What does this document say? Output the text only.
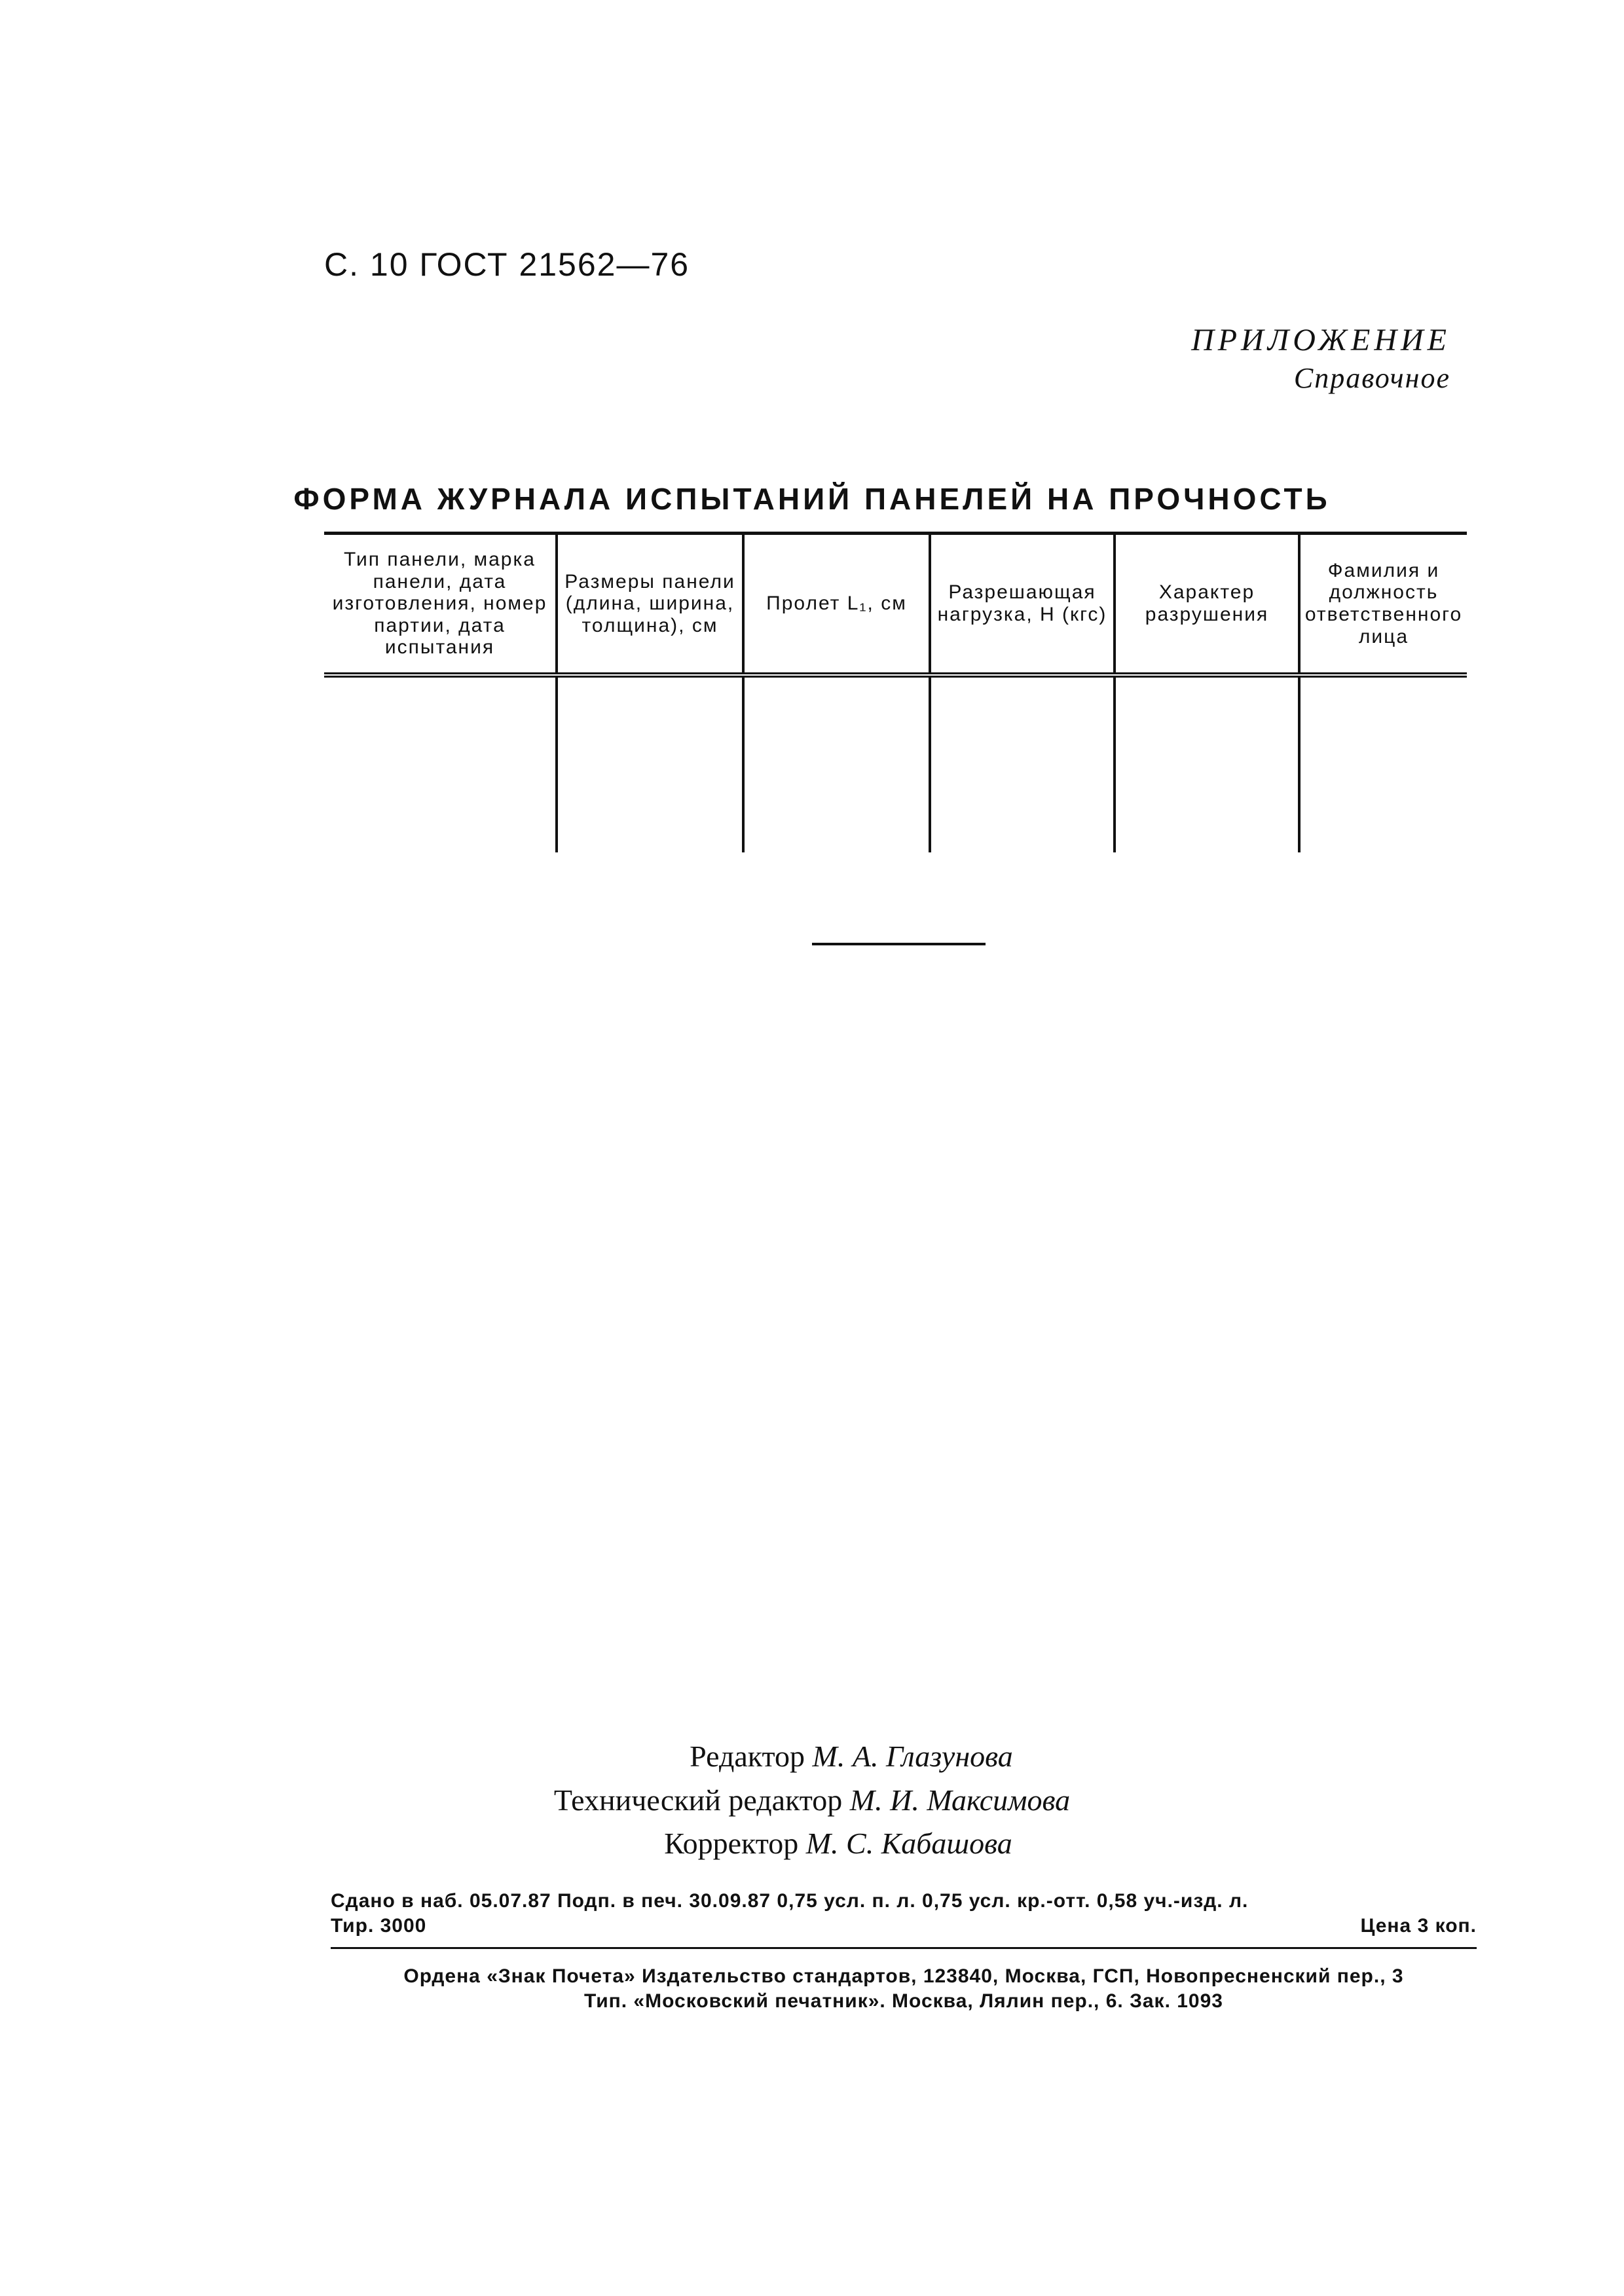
С. 10 ГОСТ 21562—76
ПРИЛОЖЕНИЕ
Справочное
ФОРМА ЖУРНАЛА ИСПЫТАНИЙ ПАНЕЛЕЙ НА ПРОЧНОСТЬ
Тип панели, марка панели, дата изготовления, номер партии, дата испытания	Размеры панели (длина, ширина, толщина), см	Пролет L₁, см	Разрешающая нагрузка, Н (кгс)	Характер разрушения	Фамилия и должность ответственного лица

Редактор М. А. Глазунова
Технический редактор М. И. Максимова
Корректор М. С. Кабашова
Сдано в наб. 05.07.87 Подп. в печ. 30.09.87 0,75 усл. п. л. 0,75 усл. кр.-отт. 0,58 уч.-изд. л.
Тир. 3000	Цена 3 коп.
Ордена «Знак Почета» Издательство стандартов, 123840, Москва, ГСП, Новопресненский пер., 3
Тип. «Московский печатник». Москва, Лялин пер., 6. Зак. 1093
